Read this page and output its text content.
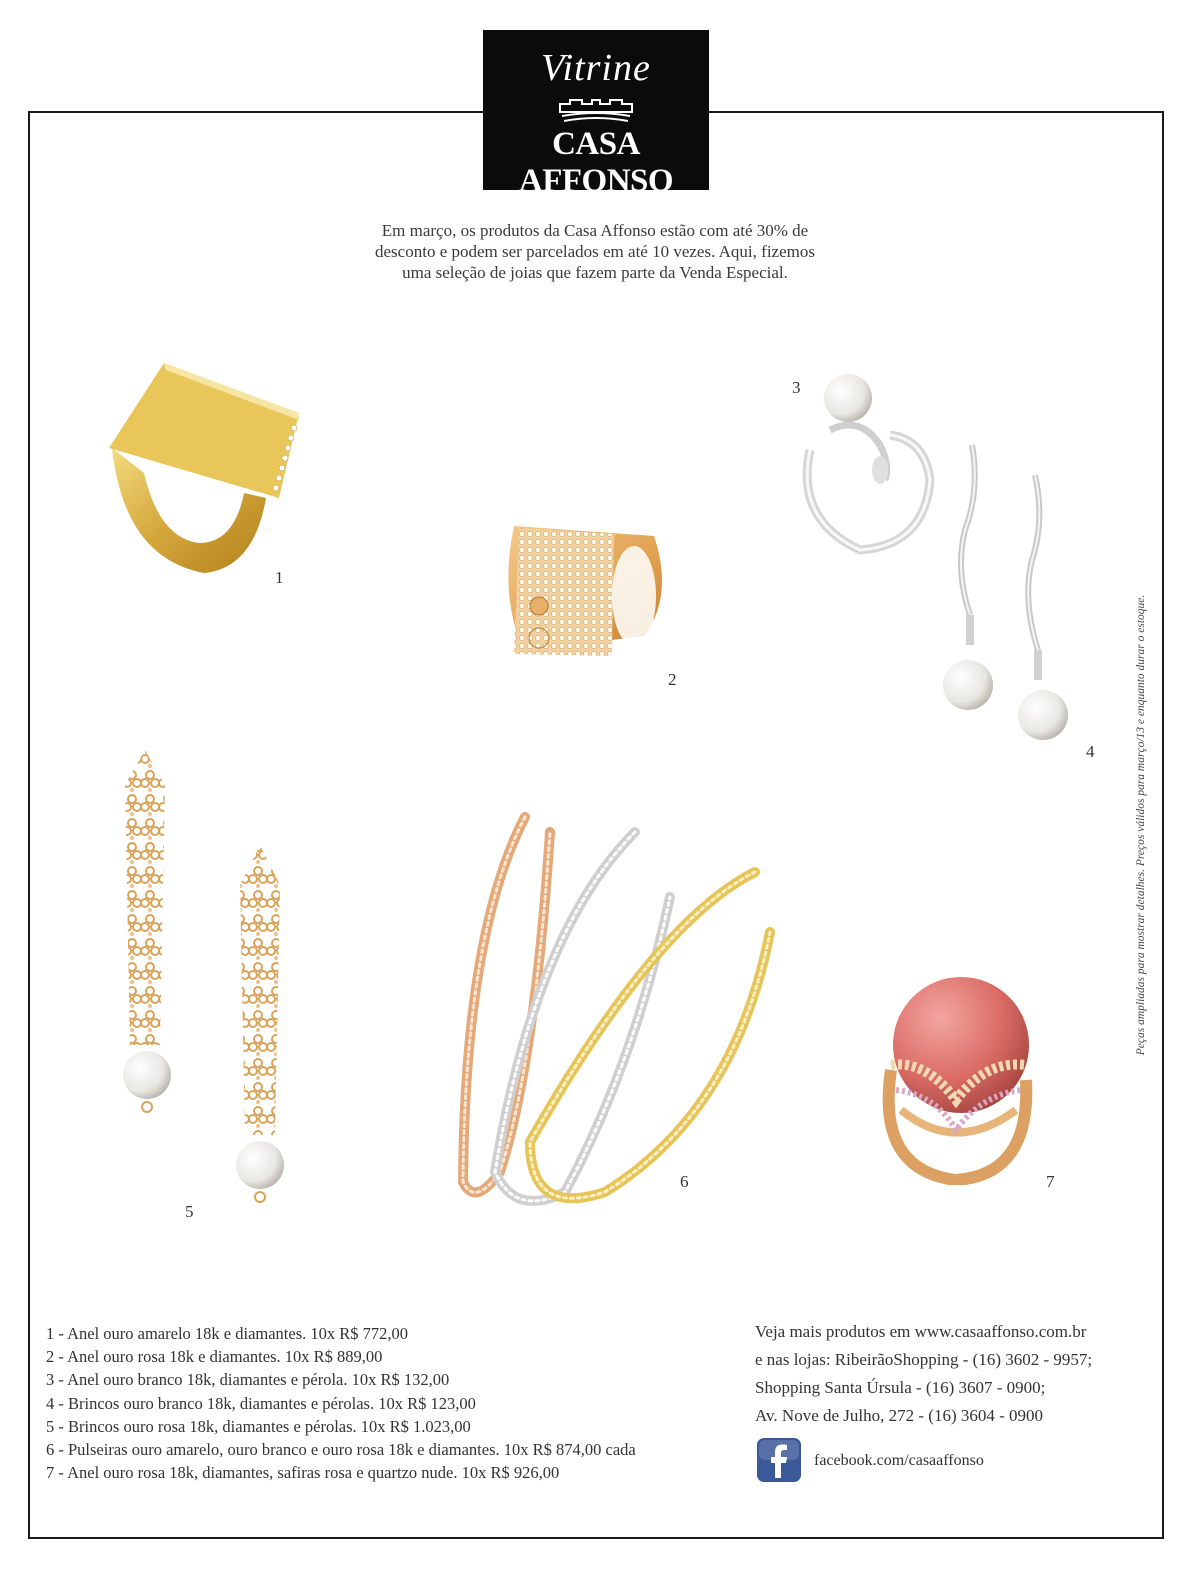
Vitrine
CASA AFFONSO

Em março, os produtos da Casa Affonso estão com até 30% de desconto e podem ser parcelados em até 10 vezes. Aqui, fizemos uma seleção de joias que fazem parte da Venda Especial.

1
2
3
4	Peças ampliadas para mostrar detalhes. Preços válidos para março/13 e enquanto durar o estoque.
5
6	7
1 - Anel ouro amarelo 18k e diamantes. 10x R$ 772,00
2 - Anel ouro rosa 18k e diamantes. 10x R$ 889,00
3 - Anel ouro branco 18k, diamantes e pérola. 10x R$ 132,00
4 - Brincos ouro branco 18k, diamantes e pérolas. 10x R$ 123,00
5 - Brincos ouro rosa 18k, diamantes e pérolas. 10x R$ 1.023,00
6 - Pulseiras ouro amarelo, ouro branco e ouro rosa 18k e diamantes. 10x R$ 874,00 cada
7 - Anel ouro rosa 18k, diamantes, safiras rosa e quartzo nude. 10x R$ 926,00
Veja mais produtos em www.casaaffonso.com.br
e nas lojas: RibeirãoShopping - (16) 3602 - 9957;
Shopping Santa Úrsula - (16) 3607 - 0900;
Av. Nove de Julho, 272 - (16) 3604 - 0900
facebook.com/casaaffonso
